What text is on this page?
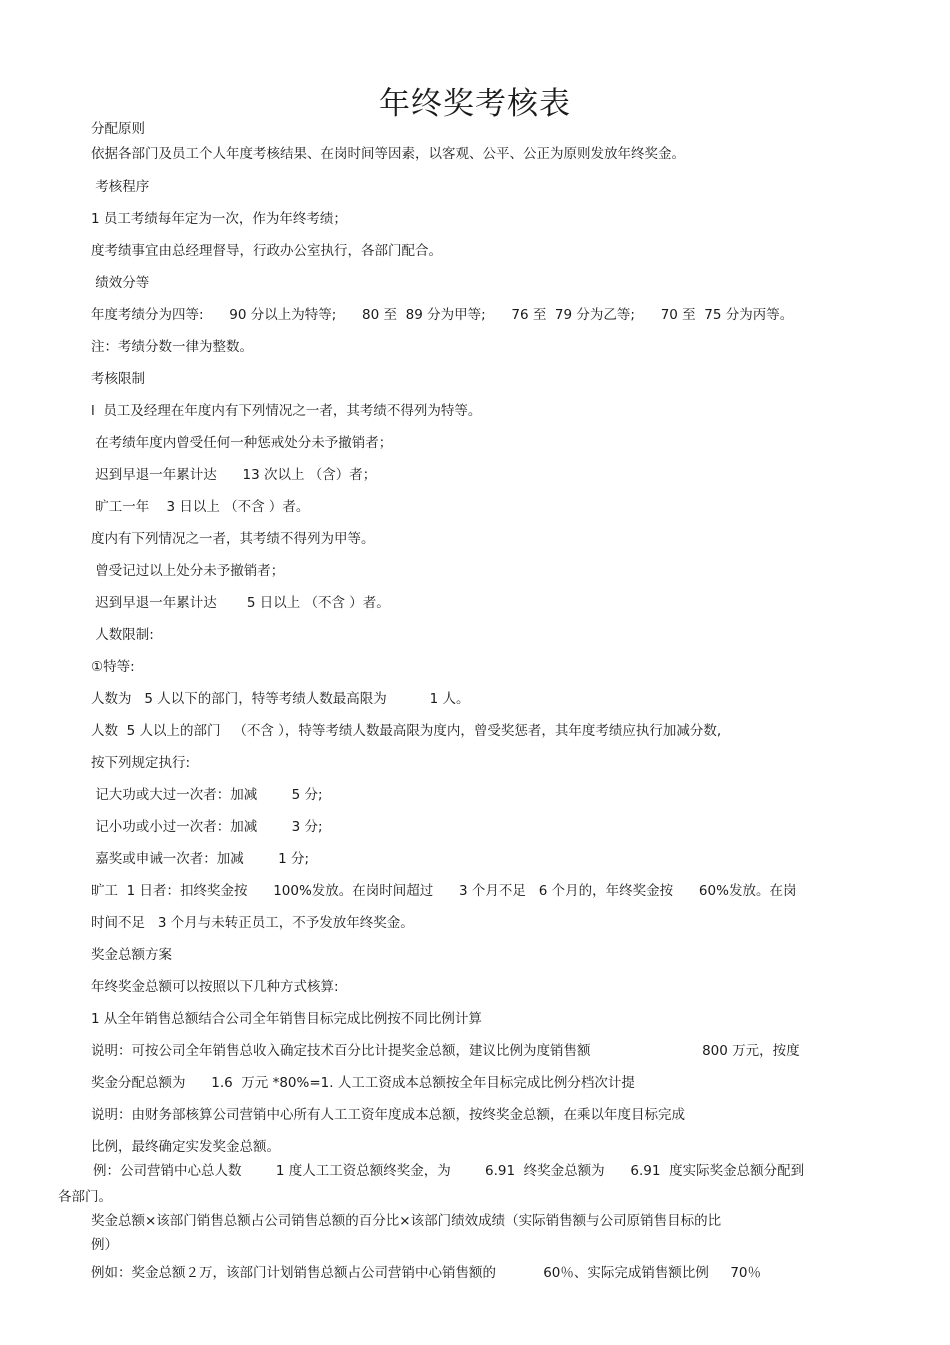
年终奖考核表
分配原则
依据各部门及员工个人年度考核结果、在岗时间等因素，以客观、公平、公正为原则发放年终奖金。
考核程序
1 员工考绩每年定为一次，作为年终考绩；
度考绩事宜由总经理督导，行政办公室执行，各部门配合。
绩效分等
年度考绩分为四等:      90 分以上为特等;      80 至  89 分为甲等;      76 至  79 分为乙等;      70 至  75 分为丙等。
注：考绩分数一律为整数。
考核限制
l  员工及经理在年度内有下列情况之一者，其考绩不得列为特等。
在考绩年度内曾受任何一种惩戒处分未予撤销者；
迟到早退一年累计达      13 次以上 （含）者；
旷工一年    3 日以上 （不含 ）者。
度内有下列情况之一者，其考绩不得列为甲等。
曾受记过以上处分未予撤销者；
迟到早退一年累计达       5 日以上 （不含 ）者。
人数限制:
①特等:
人数为   5 人以下的部门，特等考绩人数最高限为          1 人。
人数  5 人以上的部门   （不含 ），特等考绩人数最高限为度内，曾受奖惩者，其年度考绩应执行加减分数,
按下列规定执行:
记大功或大过一次者：加减        5 分;
记小功或小过一次者：加减        3 分;
嘉奖或申诫一次者：加减        1 分;
旷工  1 日者：扣终奖金按      100%发放。在岗时间超过      3 个月不足   6 个月的，年终奖金按      60%发放。在岗
时间不足   3 个月与未转正员工，不予发放年终奖金。
奖金总额方案
年终奖金总额可以按照以下几种方式核算:
1 从全年销售总额结合公司全年销售目标完成比例按不同比例计算
说明：可按公司全年销售总收入确定技术百分比计提奖金总额，建议比例为度销售额                          800 万元，按度
奖金分配总额为      1.6  万元 *80%=1. 人工工资成本总额按全年目标完成比例分档次计提
说明：由财务部核算公司营销中心所有人工工资年度成本总额，按终奖金总额，在乘以年度目标完成
比例，最终确定实发奖金总额。
例：公司营销中心总人数        1 度人工工资总额终奖金，为        6.91  终奖金总额为      6.91  度实际奖金总额分配到
各部门。
奖金总额×该部门销售总额占公司销售总额的百分比×该部门绩效成绩（实际销售额与公司原销售目标的比
例）
例如：奖金总额２万，该部门计划销售总额占公司营销中心销售额的           60％、实际完成销售额比例     70％
